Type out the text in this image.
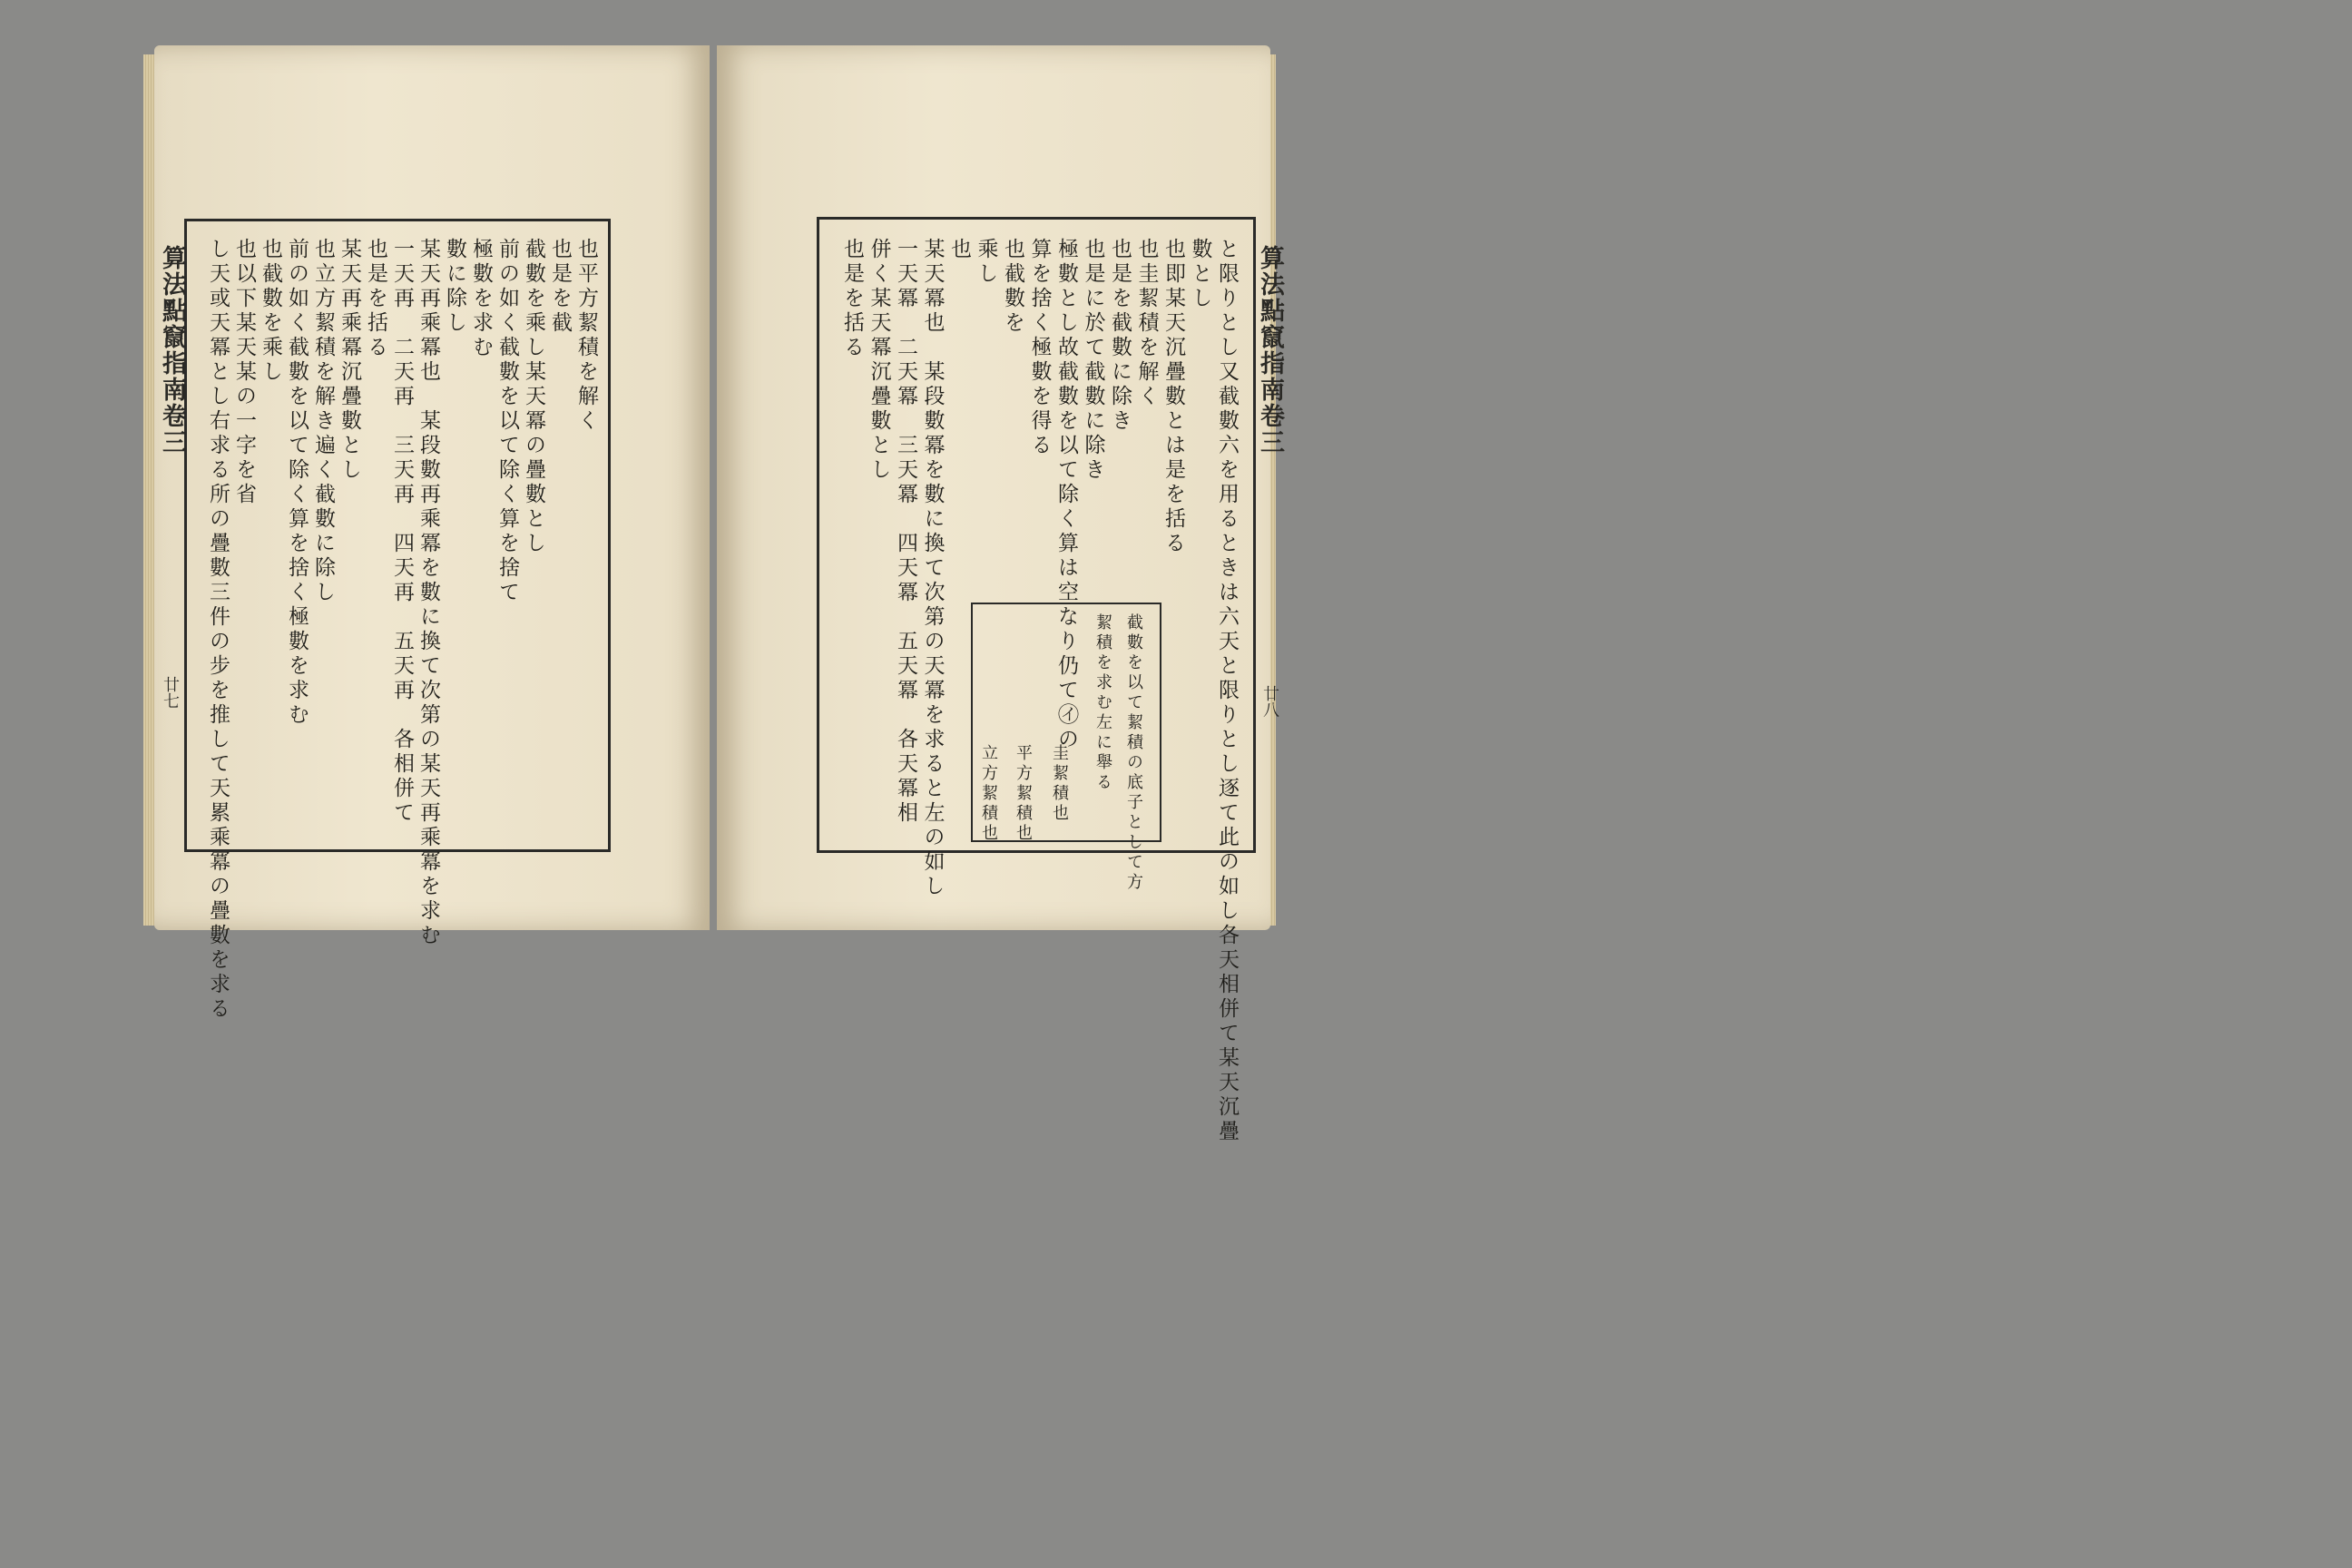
算法點竄指南卷三
廿七
算法點竄指南卷三
廿八
也平方絜積を解く
也是を截
截數を乘し某天冪の疊數とし
前の如く截數を以て除く算を捨て
極數を求む
數に除し
某天再乘冪也　某段數再乘冪を數に換て次第の某天再乘冪を求む
一天再　二天再　三天再　四天再　五天再　各相併て
也是を括る
某天再乘冪沉疊數とし
也立方絜積を解き遍く截數に除し
前の如く截數を以て除く算を捨く極數を求む
也截數を乘し
也以下某天某の一字を省
し天或天冪とし右求る所の疊數三件の步を推して天累乘冪の疊數を求る	と限りとし又截數六を用るときは六天と限りとし逐て此の如し各天相併て某天沉疊
數とし
也即某天沉疊數とは是を括る
也圭絜積を解く
也是を截數に除き
也是に於て截數に除き
極數とし故截數を以て除く算は空なり仍て㋑の
算を捨く極數を得る
也截數を
乘し
也
某天冪也　某段數冪を數に換て次第の天冪を求ると左の如し
一天冪　二天冪　三天冪　四天冪　五天冪　各天冪相
併く某天冪沉疊數とし
也是を括る
截數を以て絜積の底子として方
絜積を求む左に舉る
圭絜積也
平方絜積也
立方絜積也
